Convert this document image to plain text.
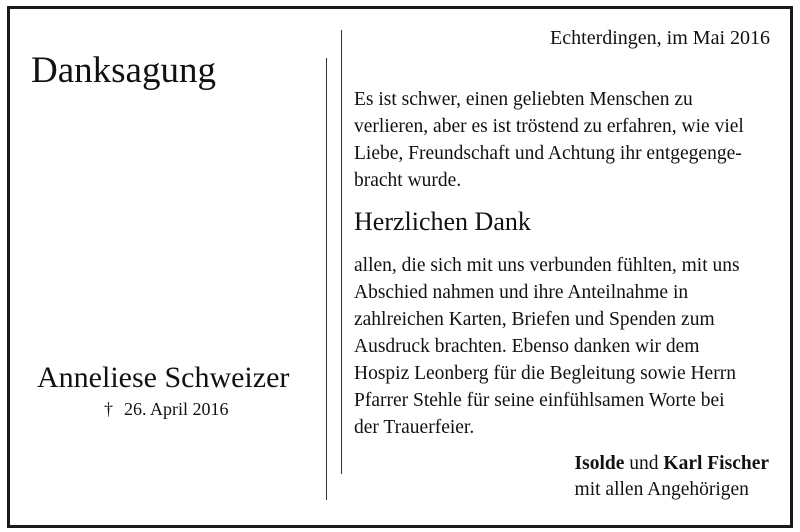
Danksagung
Anneliese Schweizer
† 26. April 2016
Echterdingen, im Mai 2016
Es ist schwer, einen geliebten Menschen zu
verlieren, aber es ist tröstend zu erfahren, wie viel
Liebe, Freundschaft und Achtung ihr entgegenge-
bracht wurde.
Herzlichen Dank
allen, die sich mit uns verbunden fühlten, mit uns
Abschied nahmen und ihre Anteilnahme in
zahlreichen Karten, Briefen und Spenden zum
Ausdruck brachten. Ebenso danken wir dem
Hospiz Leonberg für die Begleitung sowie Herrn
Pfarrer Stehle für seine einfühlsamen Worte bei
der Trauerfeier.
Isolde und Karl Fischer
mit allen Angehörigen
